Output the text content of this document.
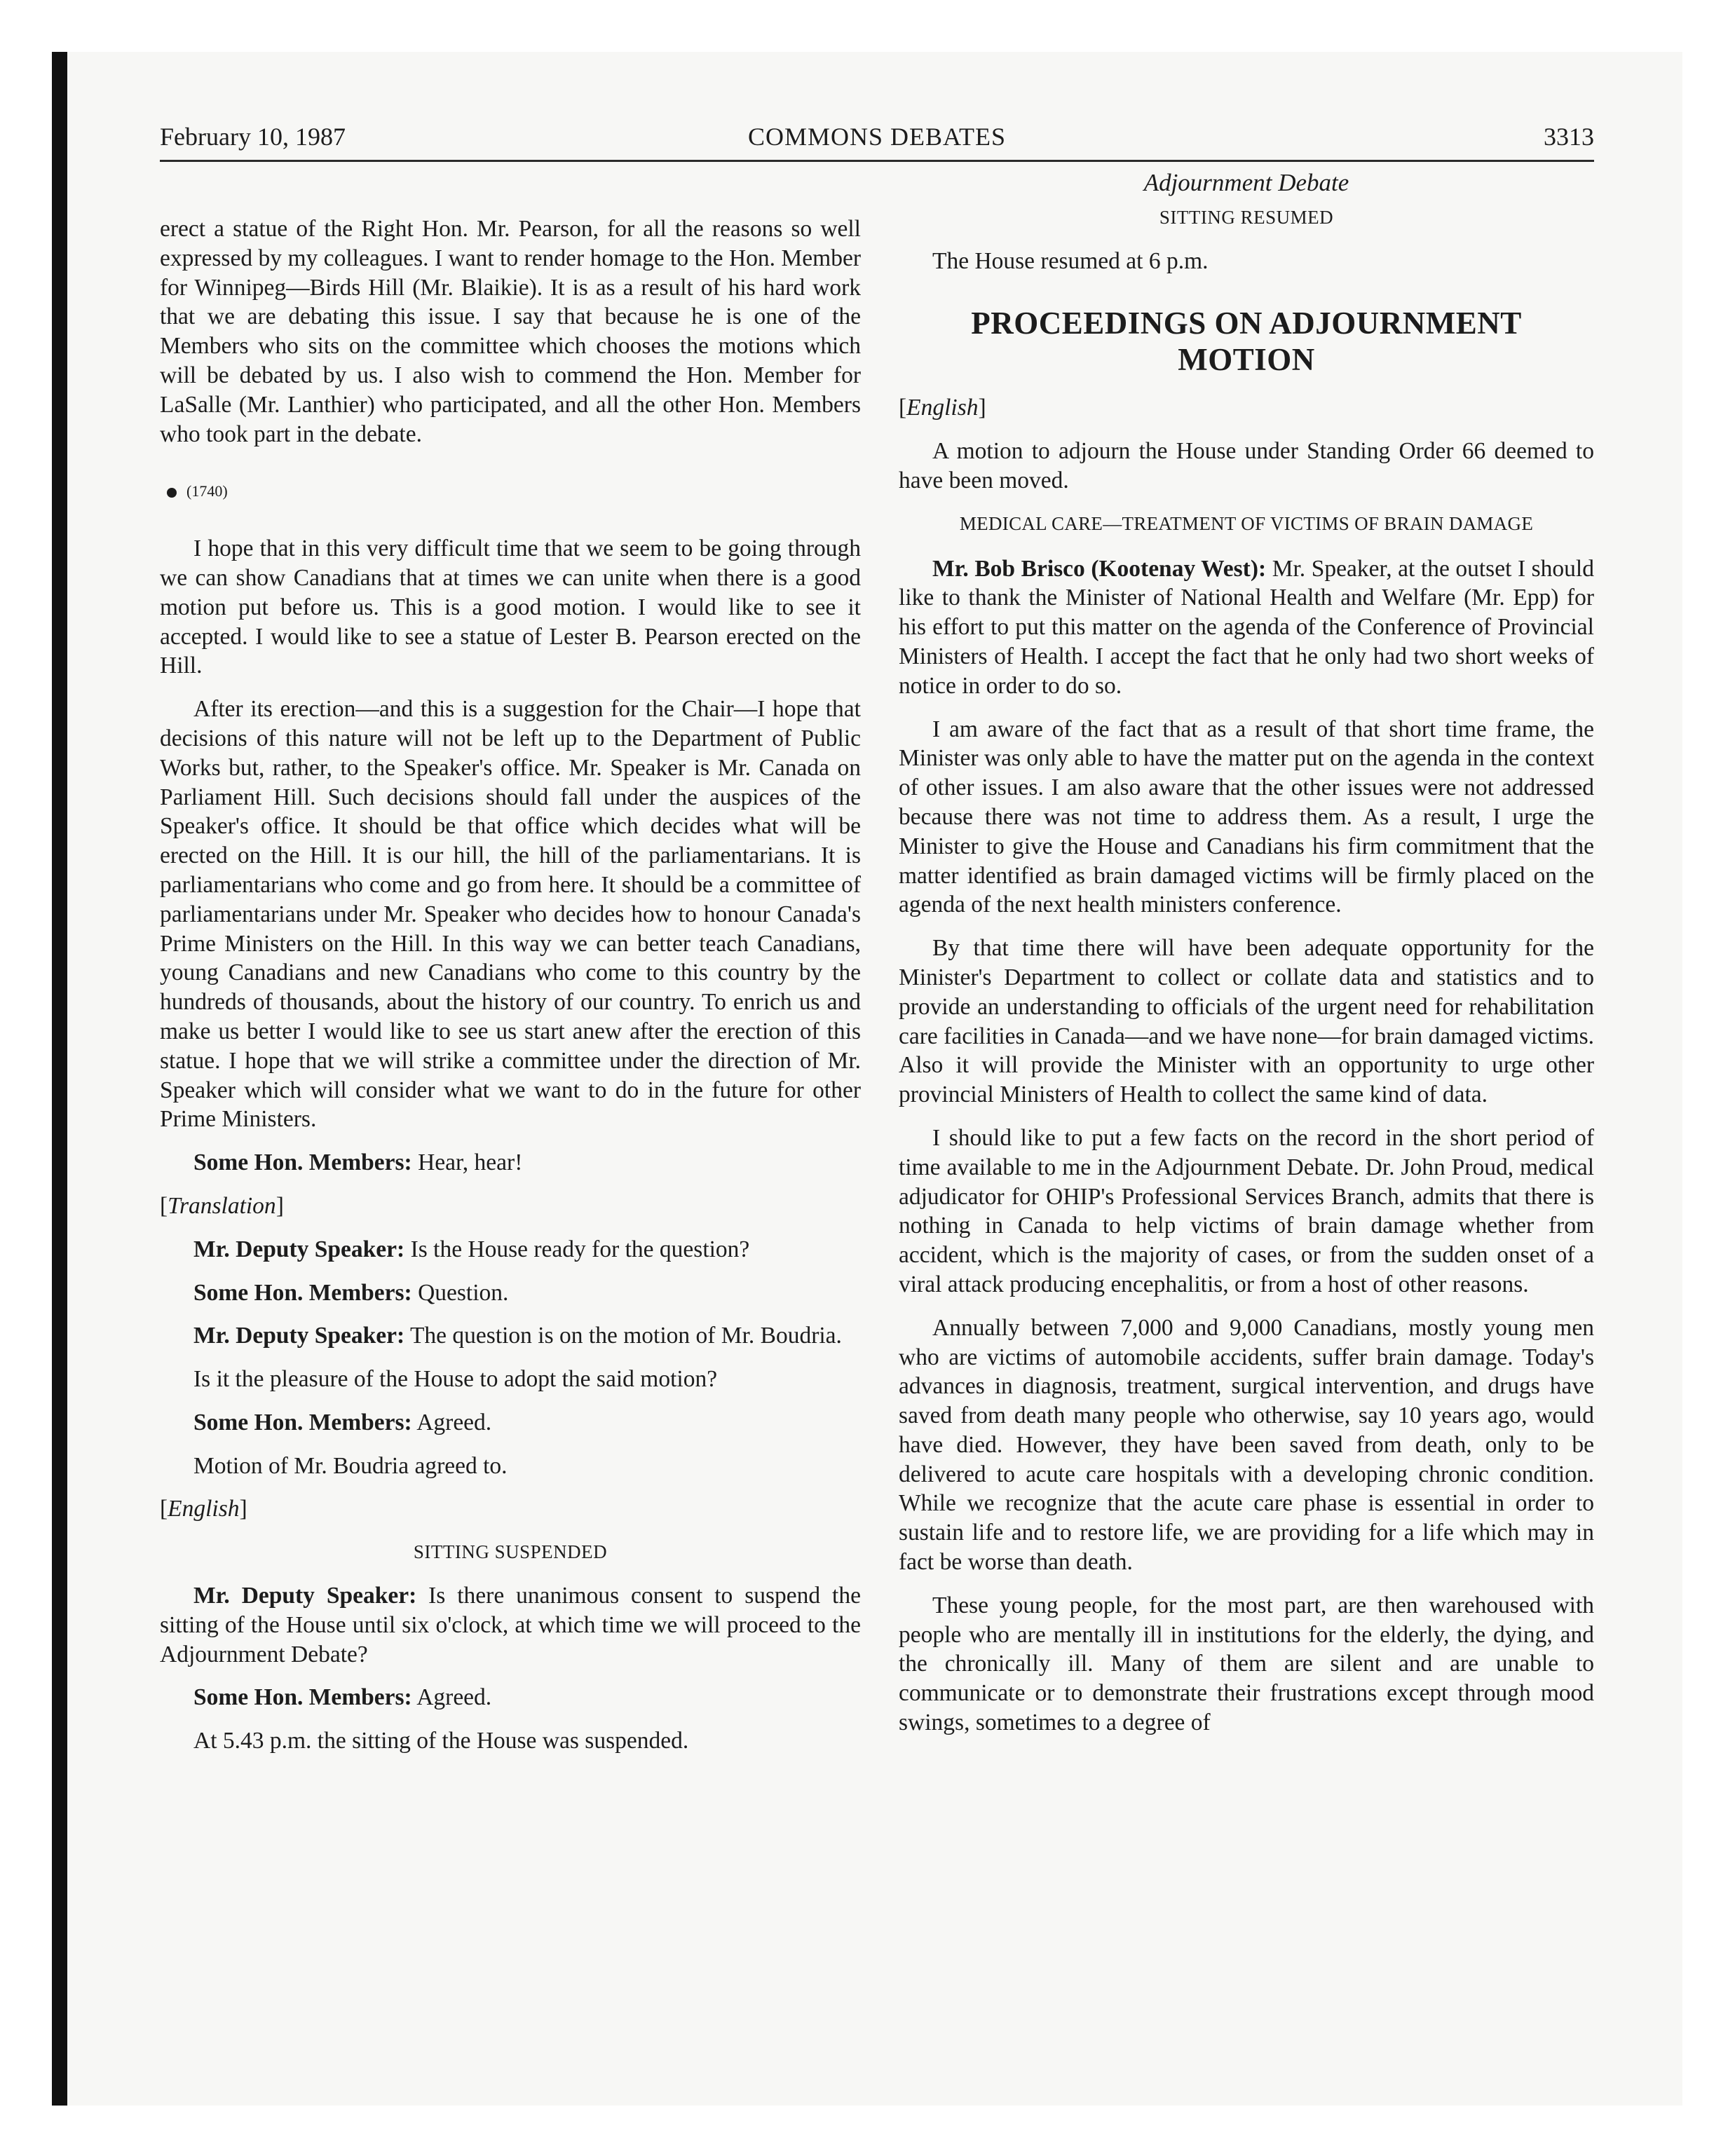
February 10, 1987	COMMONS DEBATES	3313

erect a statue of the Right Hon. Mr. Pearson, for all the reasons so well expressed by my colleagues. I want to render homage to the Hon. Member for Winnipeg—Birds Hill (Mr. Blaikie). It is as a result of his hard work that we are debating this issue. I say that because he is one of the Members who sits on the committee which chooses the motions which will be debated by us. I also wish to commend the Hon. Member for LaSalle (Mr. Lanthier) who participated, and all the other Hon. Members who took part in the debate.

(1740)

I hope that in this very difficult time that we seem to be going through we can show Canadians that at times we can unite when there is a good motion put before us. This is a good motion. I would like to see it accepted. I would like to see a statue of Lester B. Pearson erected on the Hill.

After its erection—and this is a suggestion for the Chair—I hope that decisions of this nature will not be left up to the Department of Public Works but, rather, to the Speaker's office. Mr. Speaker is Mr. Canada on Parliament Hill. Such decisions should fall under the auspices of the Speaker's office. It should be that office which decides what will be erected on the Hill. It is our hill, the hill of the parliamentarians. It is parliamentarians who come and go from here. It should be a committee of parliamentarians under Mr. Speaker who decides how to honour Canada's Prime Ministers on the Hill. In this way we can better teach Canadians, young Canadians and new Canadians who come to this country by the hundreds of thousands, about the history of our country. To enrich us and make us better I would like to see us start anew after the erection of this statue. I hope that we will strike a committee under the direction of Mr. Speaker which will consider what we want to do in the future for other Prime Ministers.

Some Hon. Members: Hear, hear!

[Translation]

Mr. Deputy Speaker: Is the House ready for the question?

Some Hon. Members: Question.

Mr. Deputy Speaker: The question is on the motion of Mr. Boudria.

Is it the pleasure of the House to adopt the said motion?

Some Hon. Members: Agreed.

Motion of Mr. Boudria agreed to.

[English]
SITTING SUSPENDED

Mr. Deputy Speaker: Is there unanimous consent to suspend the sitting of the House until six o'clock, at which time we will proceed to the Adjournment Debate?

Some Hon. Members: Agreed.

At 5.43 p.m. the sitting of the House was suspended.

Adjournment Debate
SITTING RESUMED

The House resumed at 6 p.m.

PROCEEDINGS ON ADJOURNMENT MOTION
[English]

A motion to adjourn the House under Standing Order 66 deemed to have been moved.

MEDICAL CARE—TREATMENT OF VICTIMS OF BRAIN DAMAGE

Mr. Bob Brisco (Kootenay West): Mr. Speaker, at the outset I should like to thank the Minister of National Health and Welfare (Mr. Epp) for his effort to put this matter on the agenda of the Conference of Provincial Ministers of Health. I accept the fact that he only had two short weeks of notice in order to do so.

I am aware of the fact that as a result of that short time frame, the Minister was only able to have the matter put on the agenda in the context of other issues. I am also aware that the other issues were not addressed because there was not time to address them. As a result, I urge the Minister to give the House and Canadians his firm commitment that the matter identified as brain damaged victims will be firmly placed on the agenda of the next health ministers conference.

By that time there will have been adequate opportunity for the Minister's Department to collect or collate data and statistics and to provide an understanding to officials of the urgent need for rehabilitation care facilities in Canada—and we have none—for brain damaged victims. Also it will provide the Minister with an opportunity to urge other provincial Ministers of Health to collect the same kind of data.

I should like to put a few facts on the record in the short period of time available to me in the Adjournment Debate. Dr. John Proud, medical adjudicator for OHIP's Professional Services Branch, admits that there is nothing in Canada to help victims of brain damage whether from accident, which is the majority of cases, or from the sudden onset of a viral attack producing encephalitis, or from a host of other reasons.

Annually between 7,000 and 9,000 Canadians, mostly young men who are victims of automobile accidents, suffer brain damage. Today's advances in diagnosis, treatment, surgical intervention, and drugs have saved from death many people who otherwise, say 10 years ago, would have died. However, they have been saved from death, only to be delivered to acute care hospitals with a developing chronic condition. While we recognize that the acute care phase is essential in order to sustain life and to restore life, we are providing for a life which may in fact be worse than death.

These young people, for the most part, are then warehoused with people who are mentally ill in institutions for the elderly, the dying, and the chronically ill. Many of them are silent and are unable to communicate or to demonstrate their frustrations except through mood swings, sometimes to a degree of
